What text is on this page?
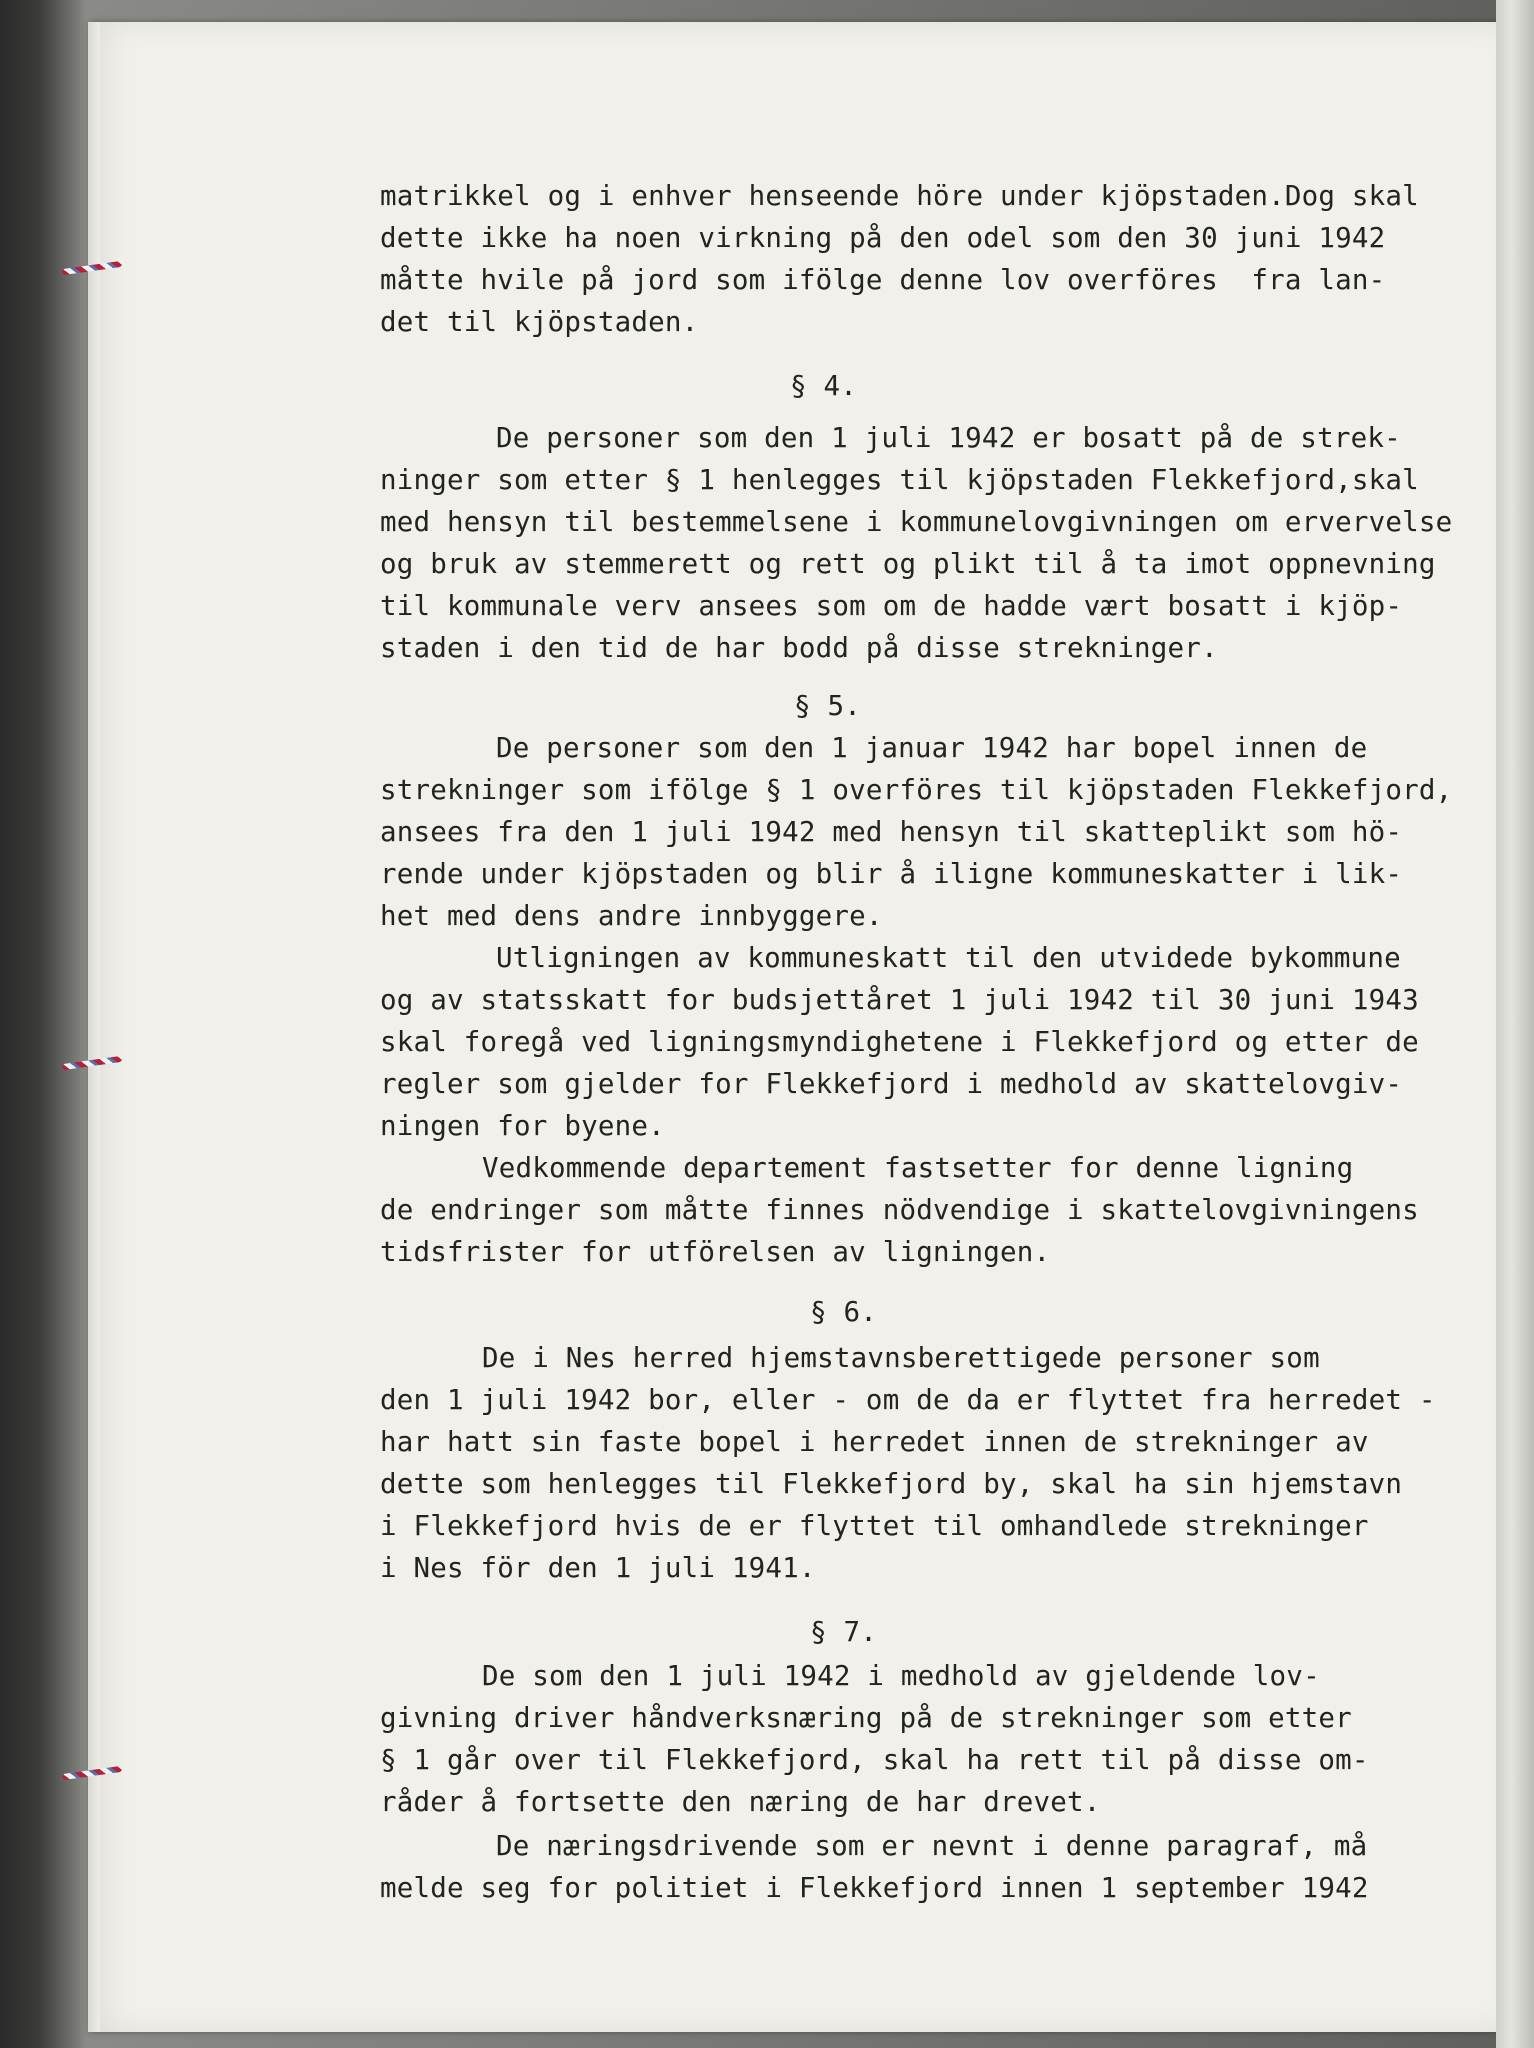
matrikkel og i enhver henseende höre under kjöpstaden.Dog skal
dette ikke ha noen virkning på den odel som den 30 juni 1942
måtte hvile på jord som ifölge denne lov overföres  fra lan-
det til kjöpstaden.
§ 4.
De personer som den 1 juli 1942 er bosatt på de strek-
ninger som etter § 1 henlegges til kjöpstaden Flekkefjord,skal
med hensyn til bestemmelsene i kommunelovgivningen om ervervelse
og bruk av stemmerett og rett og plikt til å ta imot oppnevning
til kommunale verv ansees som om de hadde vært bosatt i kjöp-
staden i den tid de har bodd på disse strekninger.
§ 5.
De personer som den 1 januar 1942 har bopel innen de
strekninger som ifölge § 1 overföres til kjöpstaden Flekkefjord,
ansees fra den 1 juli 1942 med hensyn til skatteplikt som hö-
rende under kjöpstaden og blir å iligne kommuneskatter i lik-
het med dens andre innbyggere.
Utligningen av kommuneskatt til den utvidede bykommune
og av statsskatt for budsjettåret 1 juli 1942 til 30 juni 1943
skal foregå ved ligningsmyndighetene i Flekkefjord og etter de
regler som gjelder for Flekkefjord i medhold av skattelovgiv-
ningen for byene.
Vedkommende departement fastsetter for denne ligning
de endringer som måtte finnes nödvendige i skattelovgivningens
tidsfrister for utförelsen av ligningen.
§ 6.
De i Nes herred hjemstavnsberettigede personer som
den 1 juli 1942 bor, eller - om de da er flyttet fra herredet -
har hatt sin faste bopel i herredet innen de strekninger av
dette som henlegges til Flekkefjord by, skal ha sin hjemstavn
i Flekkefjord hvis de er flyttet til omhandlede strekninger
i Nes för den 1 juli 1941.
§ 7.
De som den 1 juli 1942 i medhold av gjeldende lov-
givning driver håndverksnæring på de strekninger som etter
§ 1 går over til Flekkefjord, skal ha rett til på disse om-
råder å fortsette den næring de har drevet.
De næringsdrivende som er nevnt i denne paragraf, må
melde seg for politiet i Flekkefjord innen 1 september 1942
